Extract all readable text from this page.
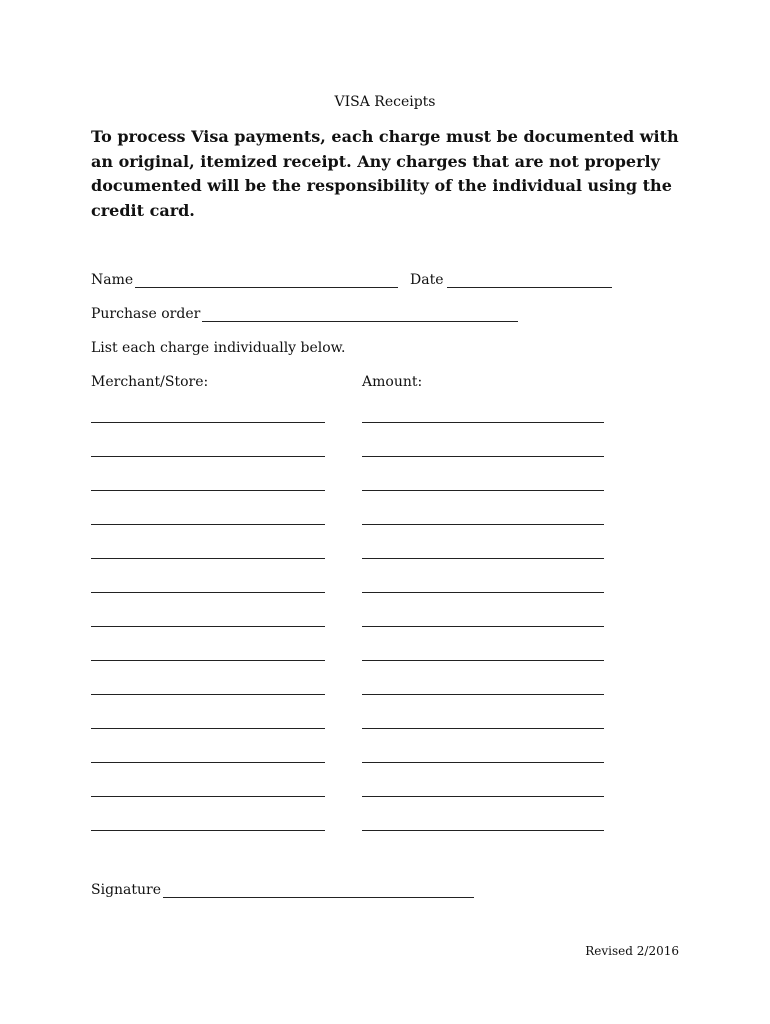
VISA Receipts
To process Visa payments, each charge must be documented with
an original, itemized receipt. Any charges that are not properly
documented will be the responsibility of the individual using the
credit card.
Name	Date
Purchase order
List each charge individually below.
Merchant/Store:	Amount:
Signature
Revised 2/2016
